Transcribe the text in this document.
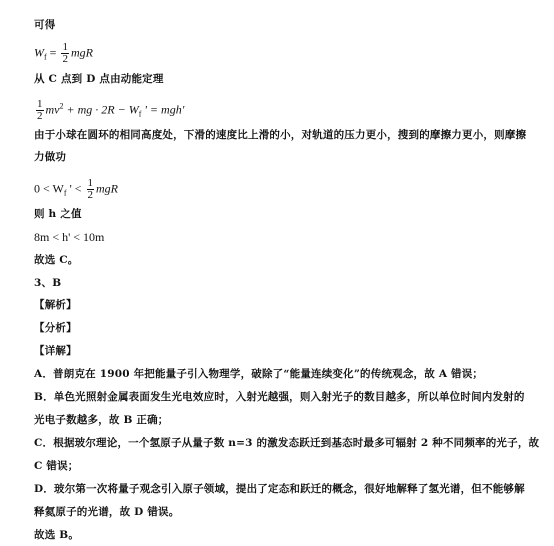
可得
$W_f = \frac{1}{2}$ mgR
从 C 点到 D 点由动能定理
$\frac{1}{2} mv^2$ + mg · $2R - W_f$ ' = mgh'
由于小球在圆环的相同高度处，下滑的速度比上滑的小，对轨道的压力更小，搜到的摩擦力更小，则摩擦
力做功
$0 < W_f$ ' < $\frac{1}{2}$ mgR
则 h 之值
8m < h' < 10m
故选 C。
3、B
【解析】
【分析】
【详解】
A．普朗克在 1900 年把能量子引入物理学，破除了“能量连续变化”的传统观念，故 A 错误；
B．单色光照射金属表面发生光电效应时，入射光越强，则入射光子的数目越多，所以单位时间内发射的
光电子数越多，故 B 正确；
C．根据玻尔理论，一个氢原子从量子数 n=3 的激发态跃迁到基态时最多可辐射 2 种不同频率的光子，故
C 错误；
D．玻尔第一次将量子观念引入原子领域，提出了定态和跃迁的概念，很好地解释了氢光谱，但不能够解
释氦原子的光谱，故 D 错误。
故选 B。
